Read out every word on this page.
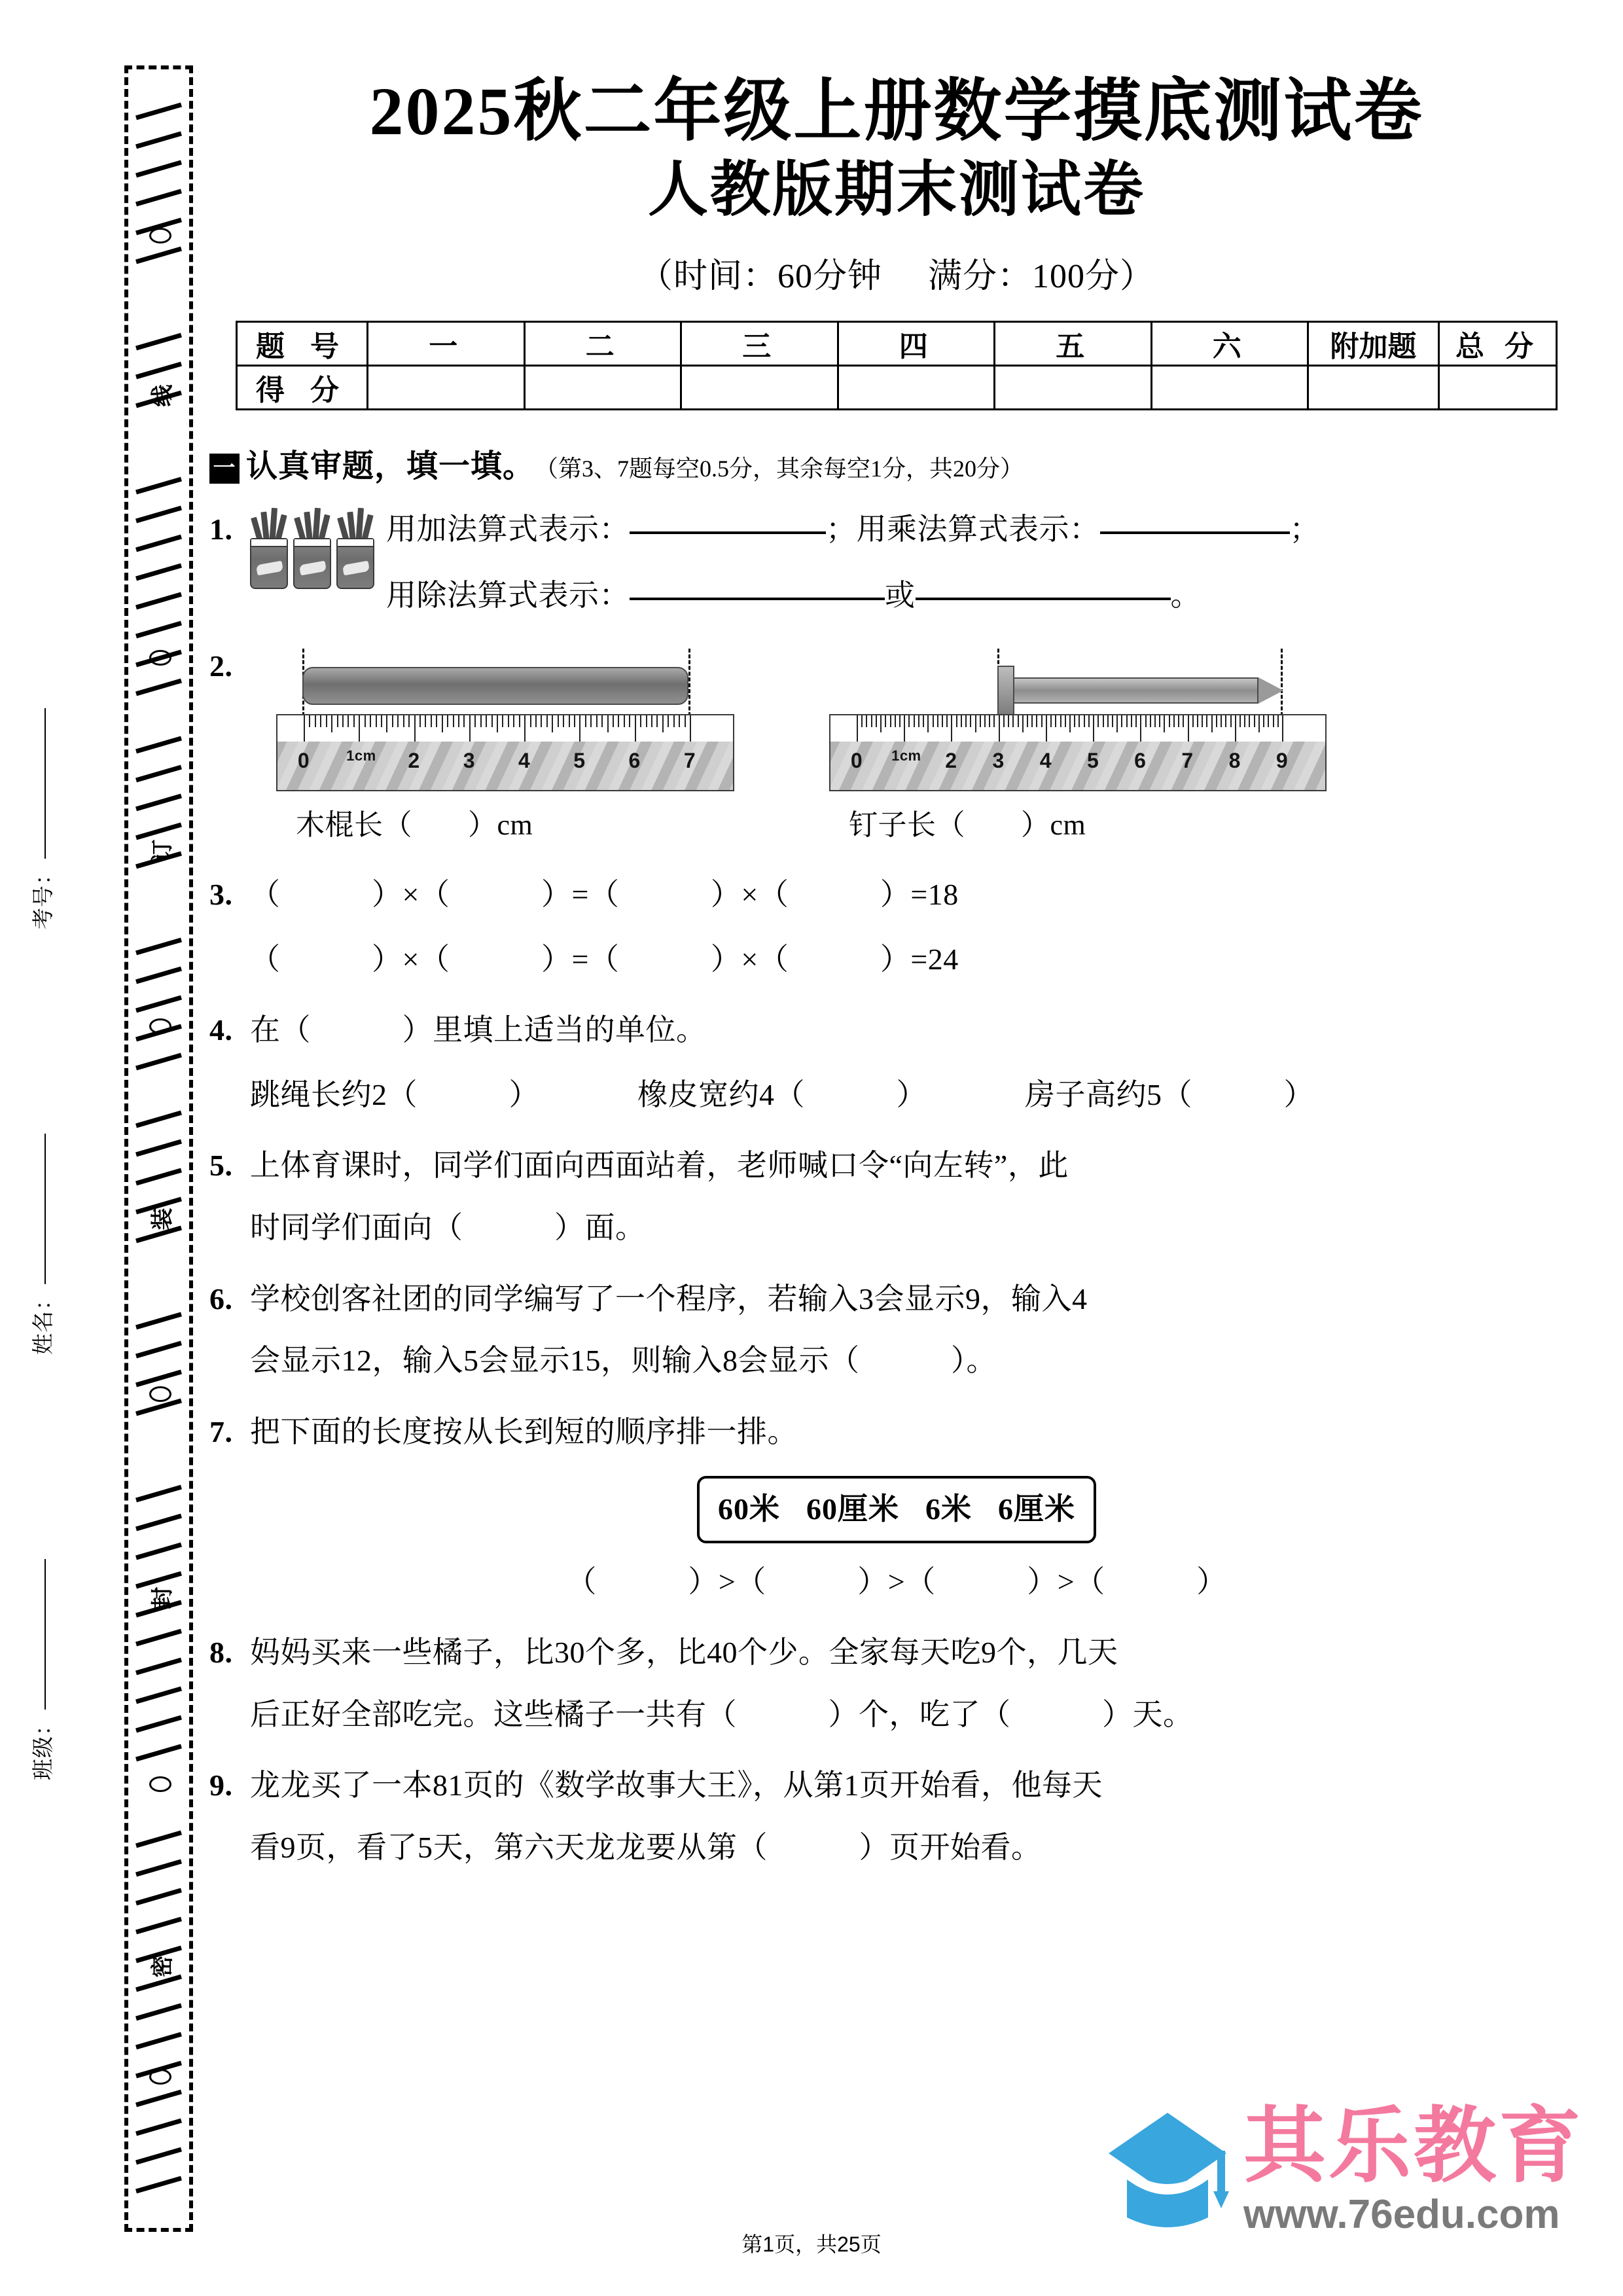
线
订
装
封
密
考号：
姓名：
班级：
2025秋二年级上册数学摸底测试卷
人教版期末测试卷
（时间：60分钟 满分：100分）
题 号	一	二	三	四	五	六	附加题	总 分
得 分								
一 认真审题，填一填。 （第3、7题每空0.5分，其余每空1分，共20分）
1.	用加法算式表示：	；用乘法算式表示：	；
用除法算式表示：	或	。
2.
0	1cm 2 3 4 5 6 7
木棍长（ ）cm
0 1cm 2 3 4 5 6 7 8 9
钉子长（ ）cm
3. （　　　）×（　　　）=（　　　）×（　　　）=18
（　　　）×（　　　）=（　　　）×（　　　）=24
4. 在（　　　）里填上适当的单位。
跳绳长约2（　　　）	橡皮宽约4（　　　）	房子高约5（　　　）
5. 上体育课时，同学们面向西面站着，老师喊口令“向左转”，此
时同学们面向（　　　）面。
6. 学校创客社团的同学编写了一个程序，若输入3会显示9，输入4
会显示12，输入5会显示15，则输入8会显示（　　　）。
7. 把下面的长度按从长到短的顺序排一排。
60米 60厘米 6米 6厘米
（　　　）>（　　　）>（　　　）>（　　　）
8. 妈妈买来一些橘子，比30个多，比40个少。全家每天吃9个，几天
后正好全部吃完。这些橘子一共有（　　　）个，吃了（　　　）天。
9. 龙龙买了一本81页的《数学故事大王》，从第1页开始看，他每天
看9页，看了5天，第六天龙龙要从第（　　　）页开始看。
其乐教育
www.76edu.com
第1页，共25页
